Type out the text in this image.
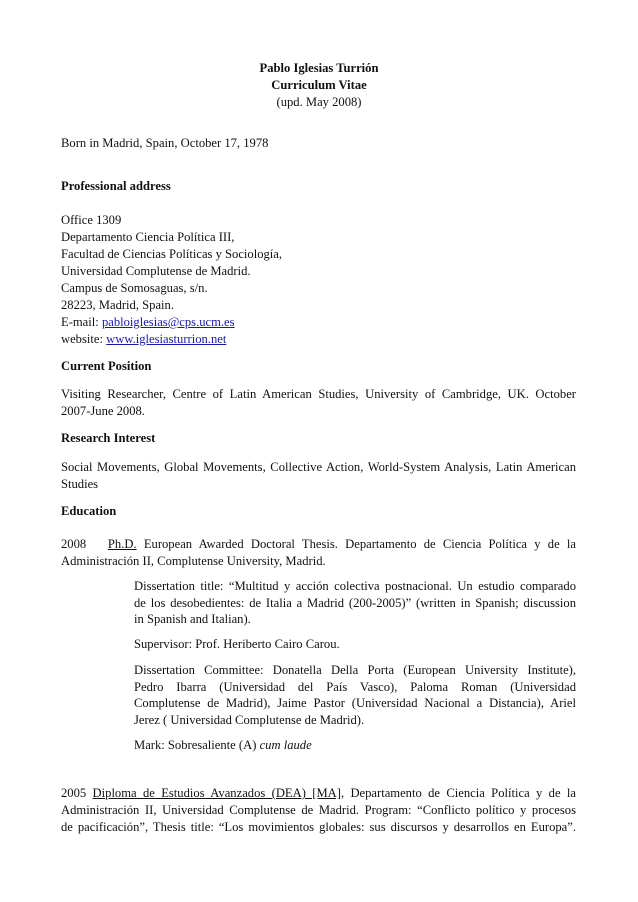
Pablo Iglesias Turrión
Curriculum Vitae
(upd. May 2008)
Born in Madrid, Spain, October 17, 1978
Professional address
Office 1309
Departamento Ciencia Política III,
Facultad de Ciencias Políticas y Sociología,
Universidad Complutense de Madrid.
Campus de Somosaguas, s/n.
28223, Madrid, Spain.
E-mail: pabloiglesias@cps.ucm.es
website: www.iglesiasturrion.net
Current Position
Visiting Researcher, Centre of Latin American Studies, University of Cambridge, UK. October
2007-June 2008.
Research Interest
Social Movements, Global Movements, Collective Action, World-System Analysis, Latin American
Studies
Education
2008 Ph.D. European Awarded Doctoral Thesis. Departamento de Ciencia Política y de la
Administración II, Complutense University, Madrid.
Dissertation title: “Multitud y acción colectiva postnacional. Un estudio comparado
de los desobedientes: de Italia a Madrid (200-2005)” (written in Spanish; discussion
in Spanish and Italian).
Supervisor: Prof. Heriberto Cairo Carou.
Dissertation Committee: Donatella Della Porta (European University Institute),
Pedro Ibarra (Universidad del País Vasco), Paloma Roman (Universidad
Complutense de Madrid), Jaime Pastor (Universidad Nacional a Distancia), Ariel
Jerez ( Universidad Complutense de Madrid).
Mark: Sobresaliente (A) cum laude
2005 Diploma de Estudios Avanzados (DEA) [MA], Departamento de Ciencia Política y de la
Administración II, Universidad Complutense de Madrid. Program: “Conflicto político y procesos
de pacificación”, Thesis title: “Los movimientos globales: sus discursos y desarrollos en Europa”.
